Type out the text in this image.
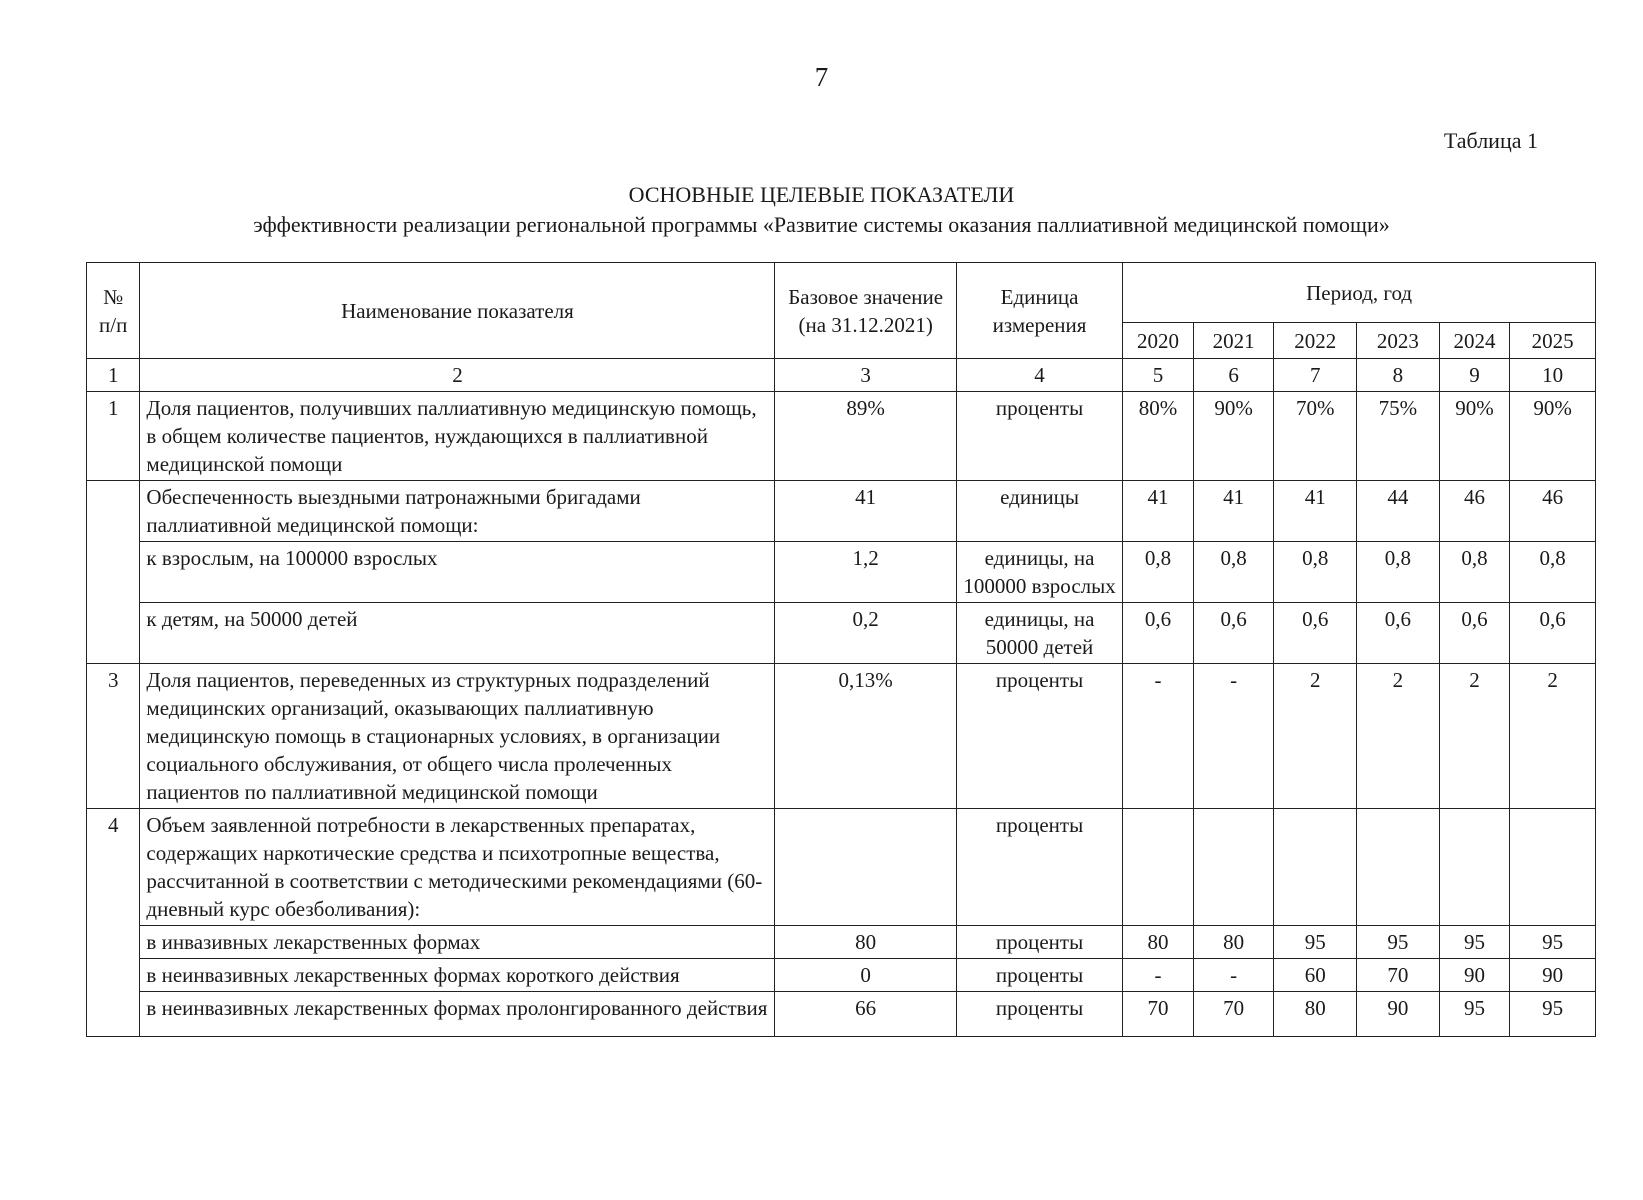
7
Таблица 1
ОСНОВНЫЕ ЦЕЛЕВЫЕ ПОКАЗАТЕЛИ
эффективности реализации региональной программы «Развитие системы оказания паллиативной медицинской помощи»
№ п/п	Наименование показателя	Базовое значение (на 31.12.2021)	Единица измерения	Период, год					
				2020	2021	2022	2023	2024	2025
1	2	3	4	5	6	7	8	9	10
1	Доля пациентов, получивших паллиативную медицинскую помощь, в общем количестве пациентов, нуждающихся в паллиативной медицинской помощи	89%	проценты	80%	90%	70%	75%	90%	90%
	Обеспеченность выездными патронажными бригадами паллиативной медицинской помощи:	41	единицы	41	41	41	44	46	46
	к взрослым, на 100000 взрослых	1,2	единицы, на 100000 взрослых	0,8	0,8	0,8	0,8	0,8	0,8
	к детям, на 50000 детей	0,2	единицы, на 50000 детей	0,6	0,6	0,6	0,6	0,6	0,6
3	Доля пациентов, переведенных из структурных подразделений медицинских организаций, оказывающих паллиативную медицинскую помощь в стационарных условиях, в организации социального обслуживания, от общего числа пролеченных пациентов по паллиативной медицинской помощи	0,13%	проценты	-	-	2	2	2	2
4	Объем заявленной потребности в лекарственных препаратах, содержащих наркотические средства и психотропные вещества, рассчитанной в соответствии с методическими рекомендациями (60-дневный курс обезболивания):		проценты						
	в инвазивных лекарственных формах	80	проценты	80	80	95	95	95	95
	в неинвазивных лекарственных формах короткого действия	0	проценты	-	-	60	70	90	90
	в неинвазивных лекарственных формах пролонгированного действия	66	проценты	70	70	80	90	95	95
